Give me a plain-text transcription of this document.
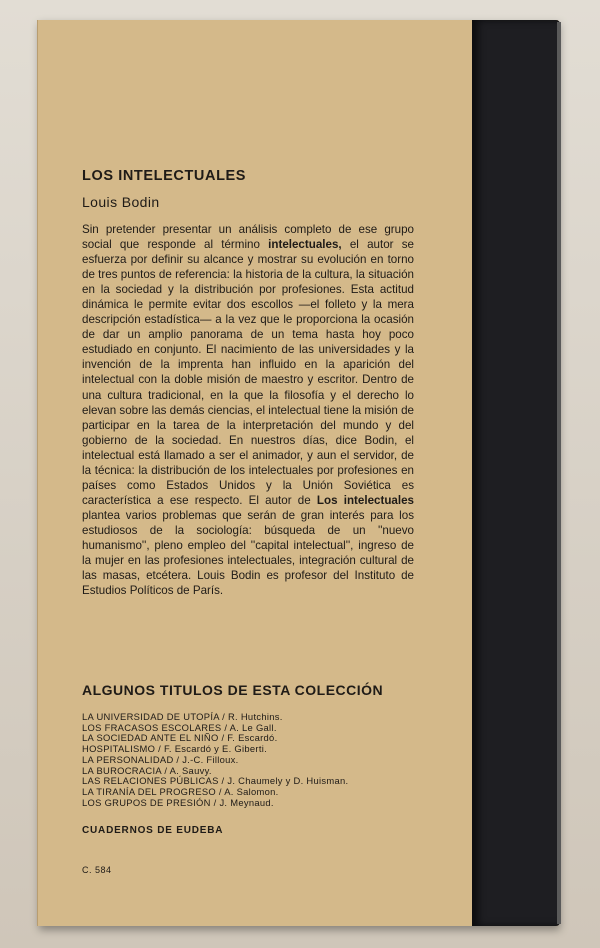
LOS INTELECTUALES
Louis Bodin

Sin pretender presentar un análisis completo de ese grupo social que responde al término intelectuales, el autor se esfuerza por definir su alcance y mostrar su evolución en torno de tres puntos de referencia: la historia de la cultura, la situación en la sociedad y la distribución por profesiones. Esta actitud dinámica le permite evitar dos escollos —el folleto y la mera descripción estadística— a la vez que le proporciona la ocasión de dar un amplio panorama de un tema hasta hoy poco estudiado en conjunto. El nacimiento de las universidades y la invención de la imprenta han influido en la aparición del intelectual con la doble misión de maestro y escritor. Dentro de una cultura tradicional, en la que la filosofía y el derecho lo elevan sobre las demás ciencias, el intelectual tiene la misión de participar en la tarea de la interpretación del mundo y del gobierno de la sociedad. En nuestros días, dice Bodin, el intelectual está llamado a ser el animador, y aun el servidor, de la técnica: la distribución de los intelectuales por profesiones en países como Estados Unidos y la Unión Soviética es característica a ese respecto. El autor de Los intelectuales plantea varios problemas que serán de gran interés para los estudiosos de la sociología: búsqueda de un ''nuevo humanismo'', pleno empleo del ''capital intelectual'', ingreso de la mujer en las profesiones intelectuales, integración cultural de las masas, etcétera. Louis Bodin es profesor del Instituto de Estudios Políticos de París.

ALGUNOS TITULOS DE ESTA COLECCIÓN
LA UNIVERSIDAD DE UTOPÍA / R. Hutchins.
LOS FRACASOS ESCOLARES / A. Le Gall.
LA SOCIEDAD ANTE EL NIÑO / F. Escardó.
HOSPITALISMO / F. Escardó y E. Giberti.
LA PERSONALIDAD / J.-C. Filloux.
LA BUROCRACIA / A. Sauvy.
LAS RELACIONES PÚBLICAS / J. Chaumely y D. Huisman.
LA TIRANÍA DEL PROGRESO / A. Salomon.
LOS GRUPOS DE PRESIÓN / J. Meynaud.

CUADERNOS DE EUDEBA

C. 584
